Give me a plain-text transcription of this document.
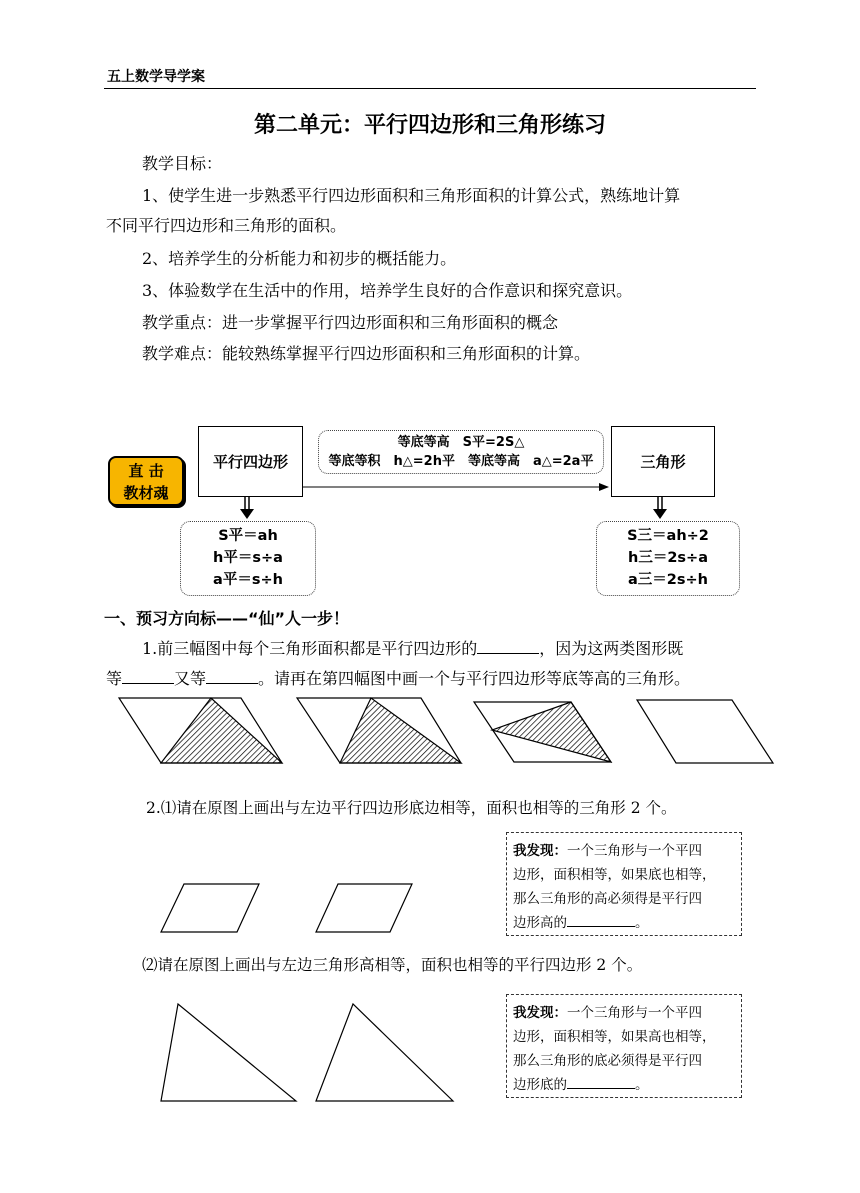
五上数学导学案
第二单元：平行四边形和三角形练习
教学目标：
1、使学生进一步熟悉平行四边形面积和三角形面积的计算公式，熟练地计算
不同平行四边形和三角形的面积。
2、培养学生的分析能力和初步的概括能力。
3、体验数学在生活中的作用，培养学生良好的合作意识和探究意识。
教学重点：进一步掌握平行四边形面积和三角形面积的概念
教学难点：能较熟练掌握平行四边形面积和三角形面积的计算。
直 击
教材魂
平行四边形	三角形
等底等高　S平=2S△
等底等积　h△=2h平　等底等高　a△=2a平
S平＝ah
h平＝s÷a
a平＝s÷h
S三＝ah÷2
h三＝2s÷a
a三＝2s÷h
一、预习方向标——“仙”人一步！
1.前三幅图中每个三角形面积都是平行四边形的	，因为这两类图形既
等	又等	。请再在第四幅图中画一个与平行四边形等底等高的三角形。
2.⑴请在原图上画出与左边平行四边形底边相等，面积也相等的三角形 2 个。
⑵请在原图上画出与左边三角形高相等，面积也相等的平行四边形 2 个。
我发现：一个三角形与一个平四
边形，面积相等，如果底也相等，
那么三角形的高必须得是平行四
边形高的	。
我发现：一个三角形与一个平四
边形，面积相等，如果高也相等，
那么三角形的底必须得是平行四
边形底的	。
